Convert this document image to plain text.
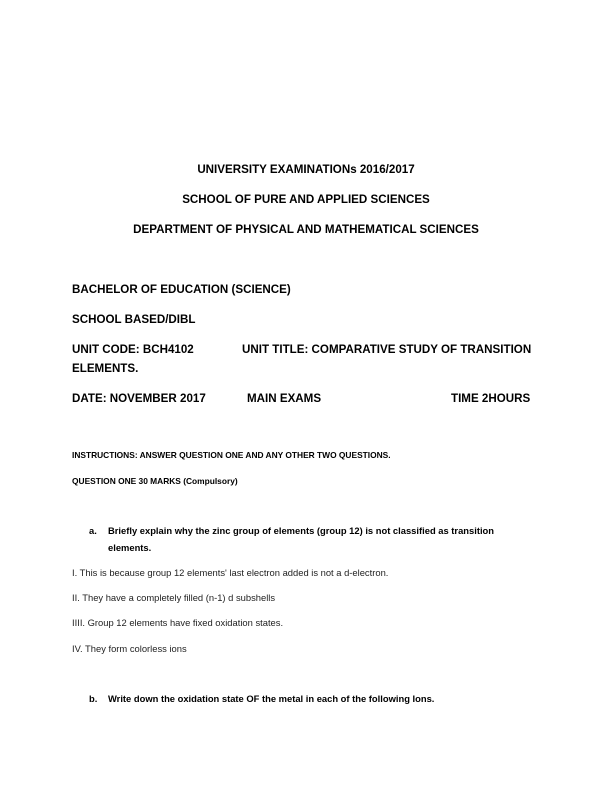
UNIVERSITY EXAMINATIONs 2016/2017
SCHOOL OF PURE AND APPLIED SCIENCES
DEPARTMENT OF PHYSICAL AND MATHEMATICAL SCIENCES
BACHELOR OF EDUCATION (SCIENCE)
SCHOOL BASED/DIBL
UNIT CODE: BCH4102	UNIT TITLE: COMPARATIVE STUDY OF TRANSITION
ELEMENTS.
DATE: NOVEMBER 2017	MAIN EXAMS	TIME 2HOURS
INSTRUCTIONS: ANSWER QUESTION ONE AND ANY OTHER TWO QUESTIONS.
QUESTION ONE 30 MARKS (Compulsory)
a. Briefly explain why the zinc group of elements (group 12) is not classified as transition
elements.
I. This is because group 12 elements' last electron added is not a d-electron.
II. They have a completely filled (n-1) d subshells
IIII. Group 12 elements have fixed oxidation states.
IV. They form colorless ions
b. Write down the oxidation state OF the metal in each of the following Ions.
